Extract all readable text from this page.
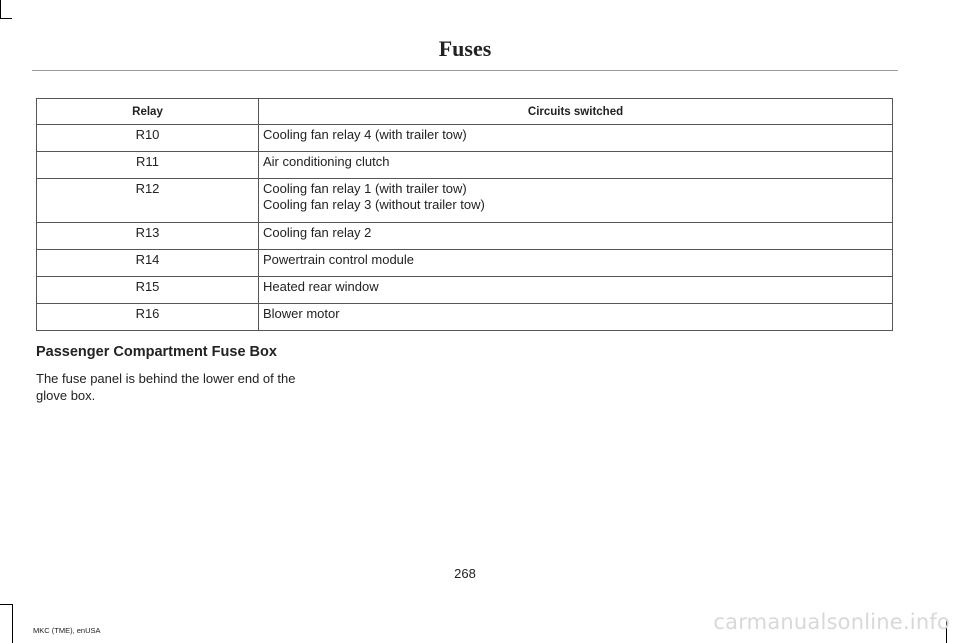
Fuses
Relay	Circuits switched
R10	Cooling fan relay 4 (with trailer tow)

R11	Air conditioning clutch

R12	Cooling fan relay 1 (with trailer tow)
Cooling fan relay 3 (without trailer tow)

R13	Cooling fan relay 2

R14	Powertrain control module

R15	Heated rear window

R16	Blower motor
Passenger Compartment Fuse Box

The fuse panel is behind the lower end of the glove box.

268
MKC (TME), enUSA	carmanualsonline.info
